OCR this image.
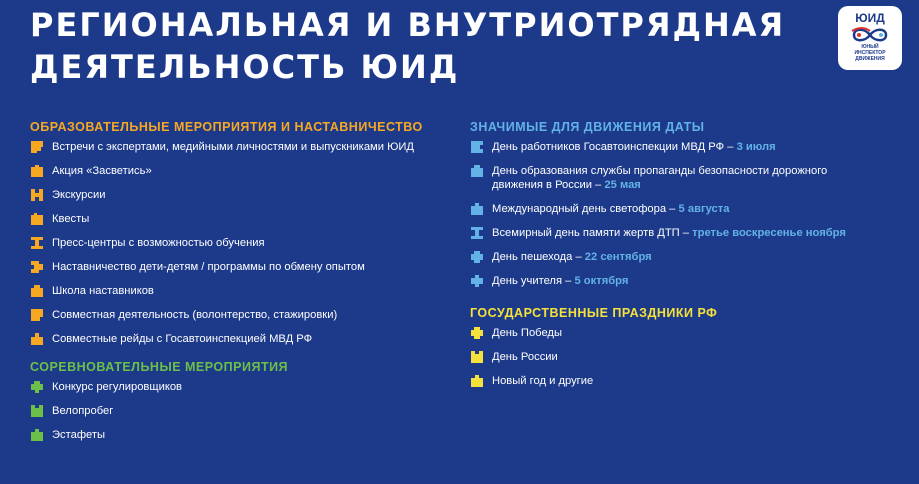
РЕГИОНАЛЬНАЯ И ВНУТРИОТРЯДНАЯ
ДЕЯТЕЛЬНОСТЬ ЮИД
ЮИД
ЮНЫЙ
ИНСПЕКТОР
ДВИЖЕНИЯ
ОБРАЗОВАТЕЛЬНЫЕ МЕРОПРИЯТИЯ И НАСТАВНИЧЕСТВО
Встречи с экспертами, медийными личностями и выпускниками ЮИД
Акция «Засветись»
Экскурсии
Квесты
Пресс-центры с возможностью обучения
Наставничество дети-детям / программы по обмену опытом
Школа наставников
Совместная деятельность (волонтерство, стажировки)
Совместные рейды с Госавтоинспекцией МВД РФ
СОРЕВНОВАТЕЛЬНЫЕ МЕРОПРИЯТИЯ
Конкурс регулировщиков
Велопробег
Эстафеты
ЗНАЧИМЫЕ ДЛЯ ДВИЖЕНИЯ ДАТЫ
День работников Госавтоинспекции МВД РФ – 3 июля
День образования службы пропаганды безопасности дорожного
движения в России – 25 мая
Международный день светофора – 5 августа
Всемирный день памяти жертв ДТП – третье воскресенье ноября
День пешехода – 22 сентября
День учителя – 5 октября
ГОСУДАРСТВЕННЫЕ ПРАЗДНИКИ РФ
День Победы
День России
Новый год и другие
